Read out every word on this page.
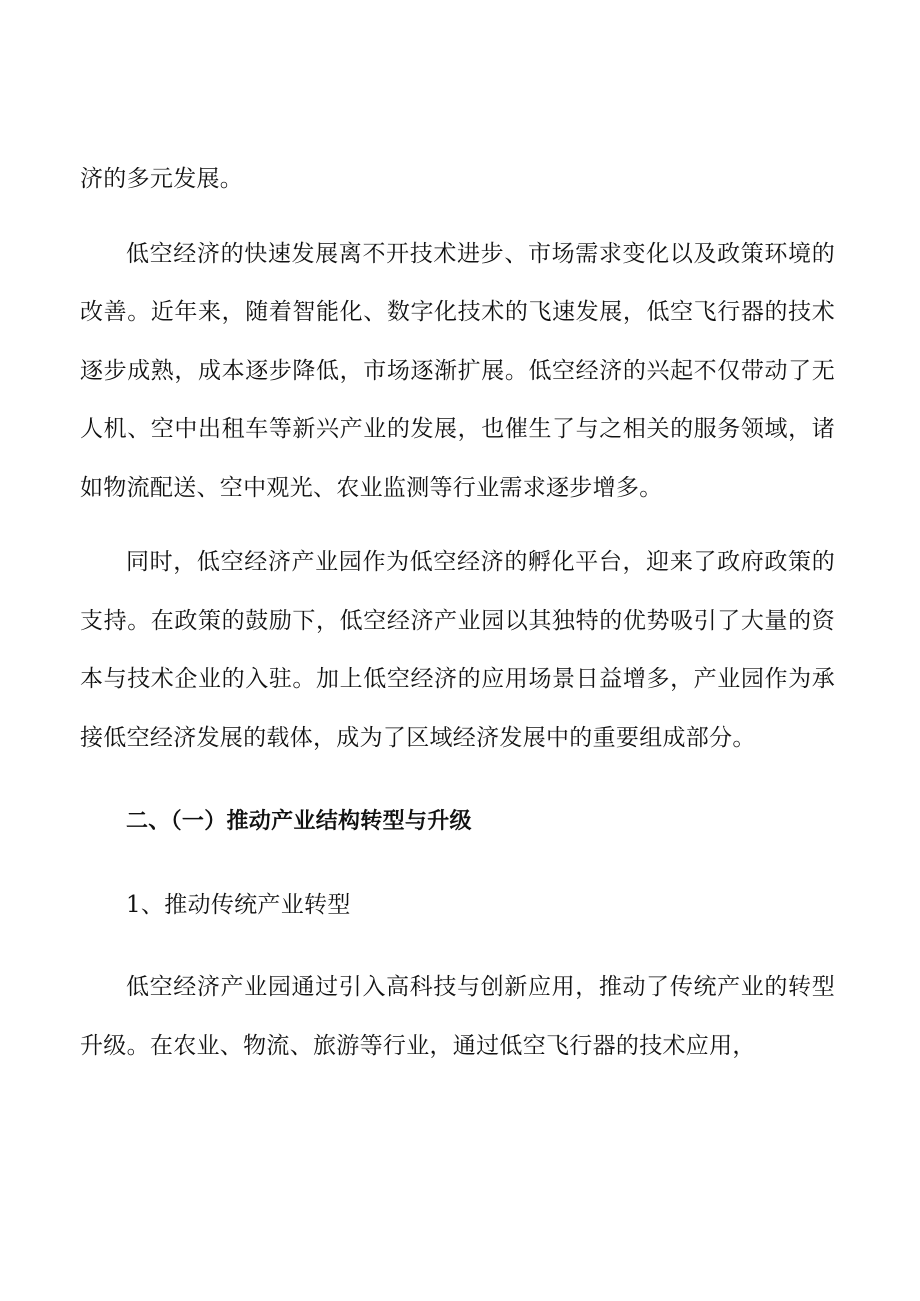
济的多元发展。

低空经济的快速发展离不开技术进步、市场需求变化以及政策环境的改善。近年来，随着智能化、数字化技术的飞速发展，低空飞行器的技术逐步成熟，成本逐步降低，市场逐渐扩展。低空经济的兴起不仅带动了无人机、空中出租车等新兴产业的发展，也催生了与之相关的服务领域，诸如物流配送、空中观光、农业监测等行业需求逐步增多。

同时，低空经济产业园作为低空经济的孵化平台，迎来了政府政策的支持。在政策的鼓励下，低空经济产业园以其独特的优势吸引了大量的资本与技术企业的入驻。加上低空经济的应用场景日益增多，产业园作为承接低空经济发展的载体，成为了区域经济发展中的重要组成部分。

二、（一）推动产业结构转型与升级

1、推动传统产业转型

低空经济产业园通过引入高科技与创新应用，推动了传统产业的转型升级。在农业、物流、旅游等行业，通过低空飞行器的技术应用，
